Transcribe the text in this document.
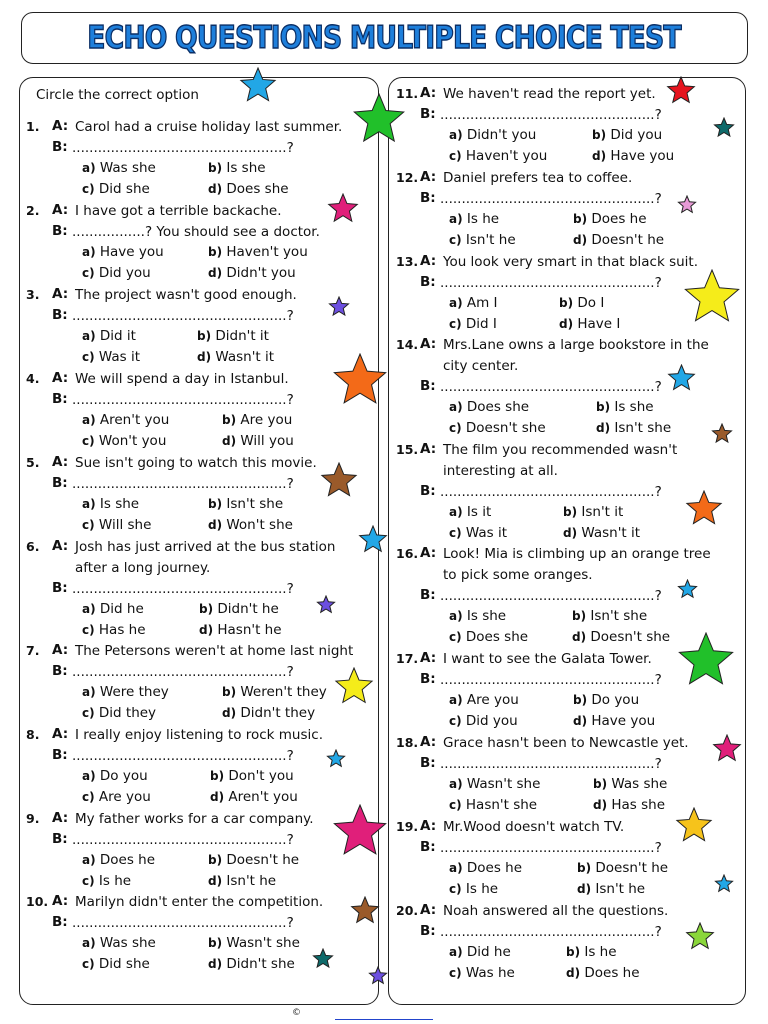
ECHO QUESTIONS MULTIPLE CHOICE TEST
Circle the correct option
1. A: Carol had a cruise holiday last summer.
B: ..................................................?
a) Was she	b) Is she
c) Did she	d) Does she
2. A: I have got a terrible backache.
B: .................? You should see a doctor.
a) Have you	b) Haven't you
c) Did you	d) Didn't you
3. A: The project wasn't good enough.
B: ..................................................?
a) Did it	b) Didn't it
c) Was it	d) Wasn't it
4. A: We will spend a day in Istanbul.
B: ..................................................?
a) Aren't you	b) Are you
c) Won't you	d) Will you
5. A: Sue isn't going to watch this movie.
B: ..................................................?
a) Is she	b) Isn't she
c) Will she	d) Won't she
6. A: Josh has just arrived at the bus station
after a long journey.
B: ..................................................?
a) Did he	b) Didn't he
c) Has he	d) Hasn't he
7. A: The Petersons weren't at home last night
B: ..................................................?
a) Were they	b) Weren't they
c) Did they	d) Didn't they
8. A: I really enjoy listening to rock music.
B: ..................................................?
a) Do you	b) Don't you
c) Are you	d) Aren't you
9. A: My father works for a car company.
B: ..................................................?
a) Does he	b) Doesn't he
c) Is he	d) Isn't he
10. A: Marilyn didn't enter the competition.
B: ..................................................?
a) Was she	b) Wasn't she
c) Did she	d) Didn't she
11. A: We haven't read the report yet.
B: ..................................................?
a) Didn't you	b) Did you
c) Haven't you	d) Have you
12. A: Daniel prefers tea to coffee.
B: ..................................................?
a) Is he	b) Does he
c) Isn't he	d) Doesn't he
13. A: You look very smart in that black suit.
B: ..................................................?
a) Am I	b) Do I
c) Did I	d) Have I
14. A: Mrs.Lane owns a large bookstore in the
city center.
B: ..................................................?
a) Does she	b) Is she
c) Doesn't she	d) Isn't she
15. A: The film you recommended wasn't
interesting at all.
B: ..................................................?
a) Is it	b) Isn't it
c) Was it	d) Wasn't it
16. A: Look! Mia is climbing up an orange tree
to pick some oranges.
B: ..................................................?
a) Is she	b) Isn't she
c) Does she	d) Doesn't she
17. A: I want to see the Galata Tower.
B: ..................................................?
a) Are you	b) Do you
c) Did you	d) Have you
18. A: Grace hasn't been to Newcastle yet.
B: ..................................................?
a) Wasn't she	b) Was she
c) Hasn't she	d) Has she
19. A: Mr.Wood doesn't watch TV.
B: ..................................................?
a) Does he	b) Doesn't he
c) Is he	d) Isn't he
20. A: Noah answered all the questions.
B: ..................................................?
a) Did he	b) Is he
c) Was he	d) Does he
©
